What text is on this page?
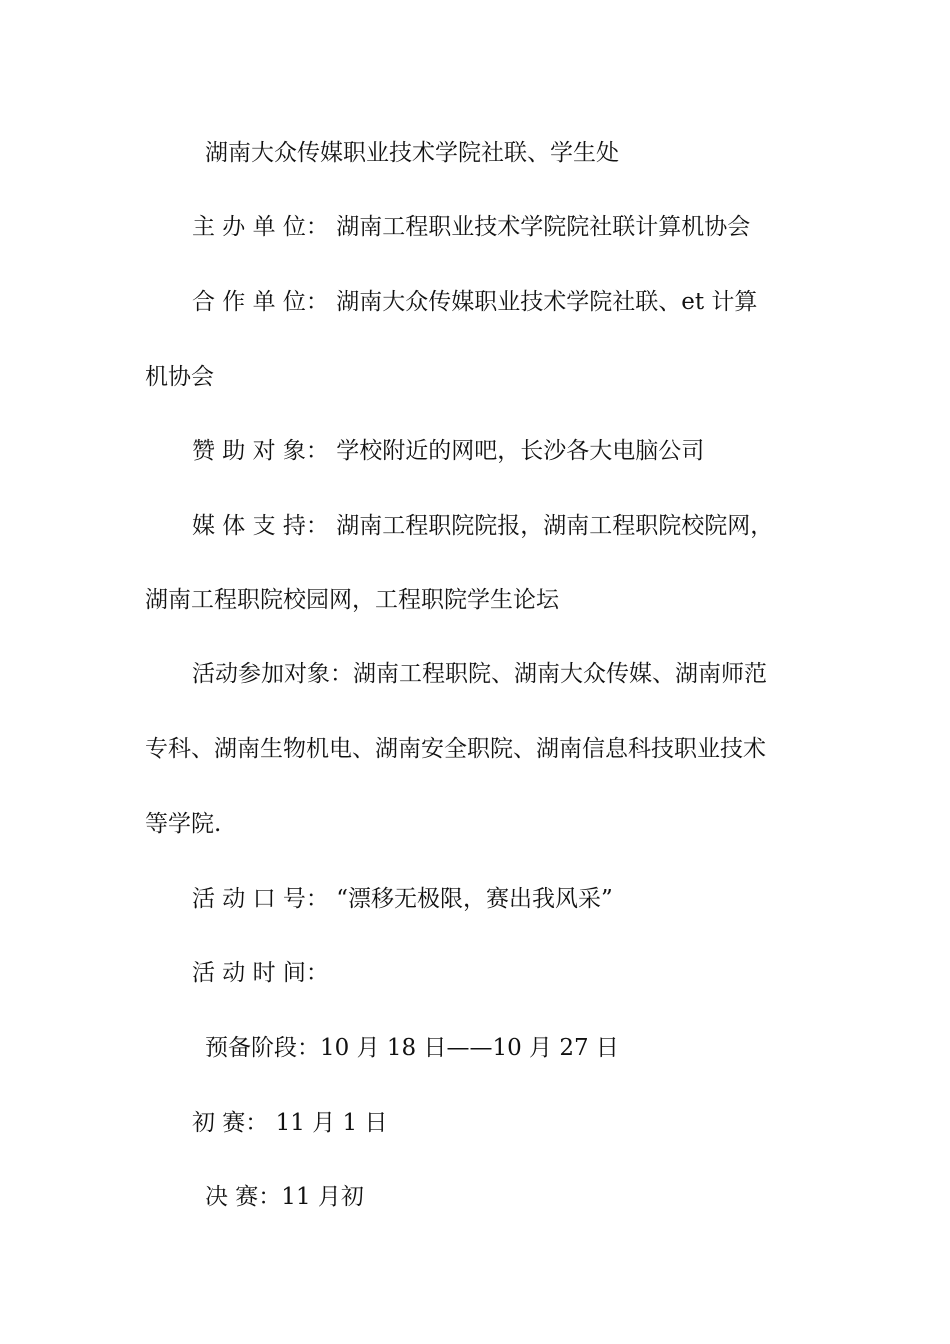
湖南大众传媒职业技术学院社联、学生处
主 办 单 位： 湖南工程职业技术学院院社联计算机协会
合 作 单 位： 湖南大众传媒职业技术学院社联、et 计算
机协会
赞 助 对 象： 学校附近的网吧，长沙各大电脑公司
媒 体 支 持： 湖南工程职院院报，湖南工程职院校院网，
湖南工程职院校园网，工程职院学生论坛
活动参加对象：湖南工程职院、湖南大众传媒、湖南师范
专科、湖南生物机电、湖南安全职院、湖南信息科技职业技术
等学院.
活 动 口 号： “漂移无极限，赛出我风采”
活 动 时 间：
预备阶段：10 月 18 日——10 月 27 日
初 赛： 11 月 1 日
决 赛：11 月初
